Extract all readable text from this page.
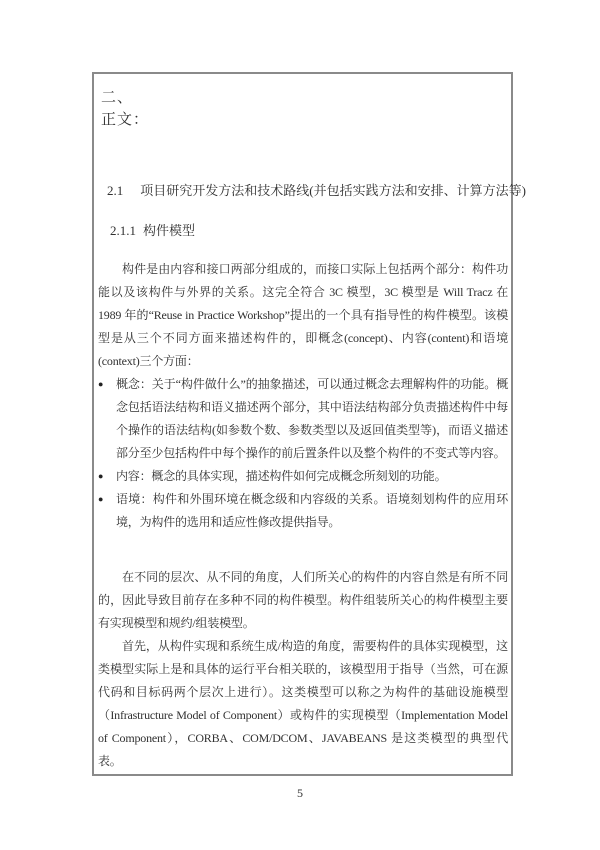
二、
正文：
2.1 项目研究开发方法和技术路线(并包括实践方法和安排、计算方法等)
2.1.1 构件模型

构件是由内容和接口两部分组成的，而接口实际上包括两个部分：构件功能以及该构件与外界的关系。这完全符合 3C 模型，3C 模型是 Will Tracz 在 1989 年的“Reuse in Practice Workshop”提出的一个具有指导性的构件模型。该模型是从三个不同方面来描述构件的，即概念(concept)、内容(content)和语境(context)三个方面：

●	概念：关于“构件做什么”的抽象描述，可以通过概念去理解构件的功能。概念包括语法结构和语义描述两个部分，其中语法结构部分负责描述构件中每个操作的语法结构(如参数个数、参数类型以及返回值类型等)，而语义描述部分至少包括构件中每个操作的前后置条件以及整个构件的不变式等内容。
●	内容：概念的具体实现，描述构件如何完成概念所刻划的功能。
●	语境：构件和外围环境在概念级和内容级的关系。语境刻划构件的应用环境，为构件的选用和适应性修改提供指导。

在不同的层次、从不同的角度，人们所关心的构件的内容自然是有所不同的，因此导致目前存在多种不同的构件模型。构件组装所关心的构件模型主要有实现模型和规约/组装模型。

首先，从构件实现和系统生成/构造的角度，需要构件的具体实现模型，这类模型实际上是和具体的运行平台相关联的，该模型用于指导（当然，可在源代码和目标码两个层次上进行）。这类模型可以称之为构件的基础设施模型（Infrastructure Model of Component）或构件的实现模型（Implementation Model of Component），CORBA、COM/DCOM、JAVABEANS 是这类模型的典型代表。

5
